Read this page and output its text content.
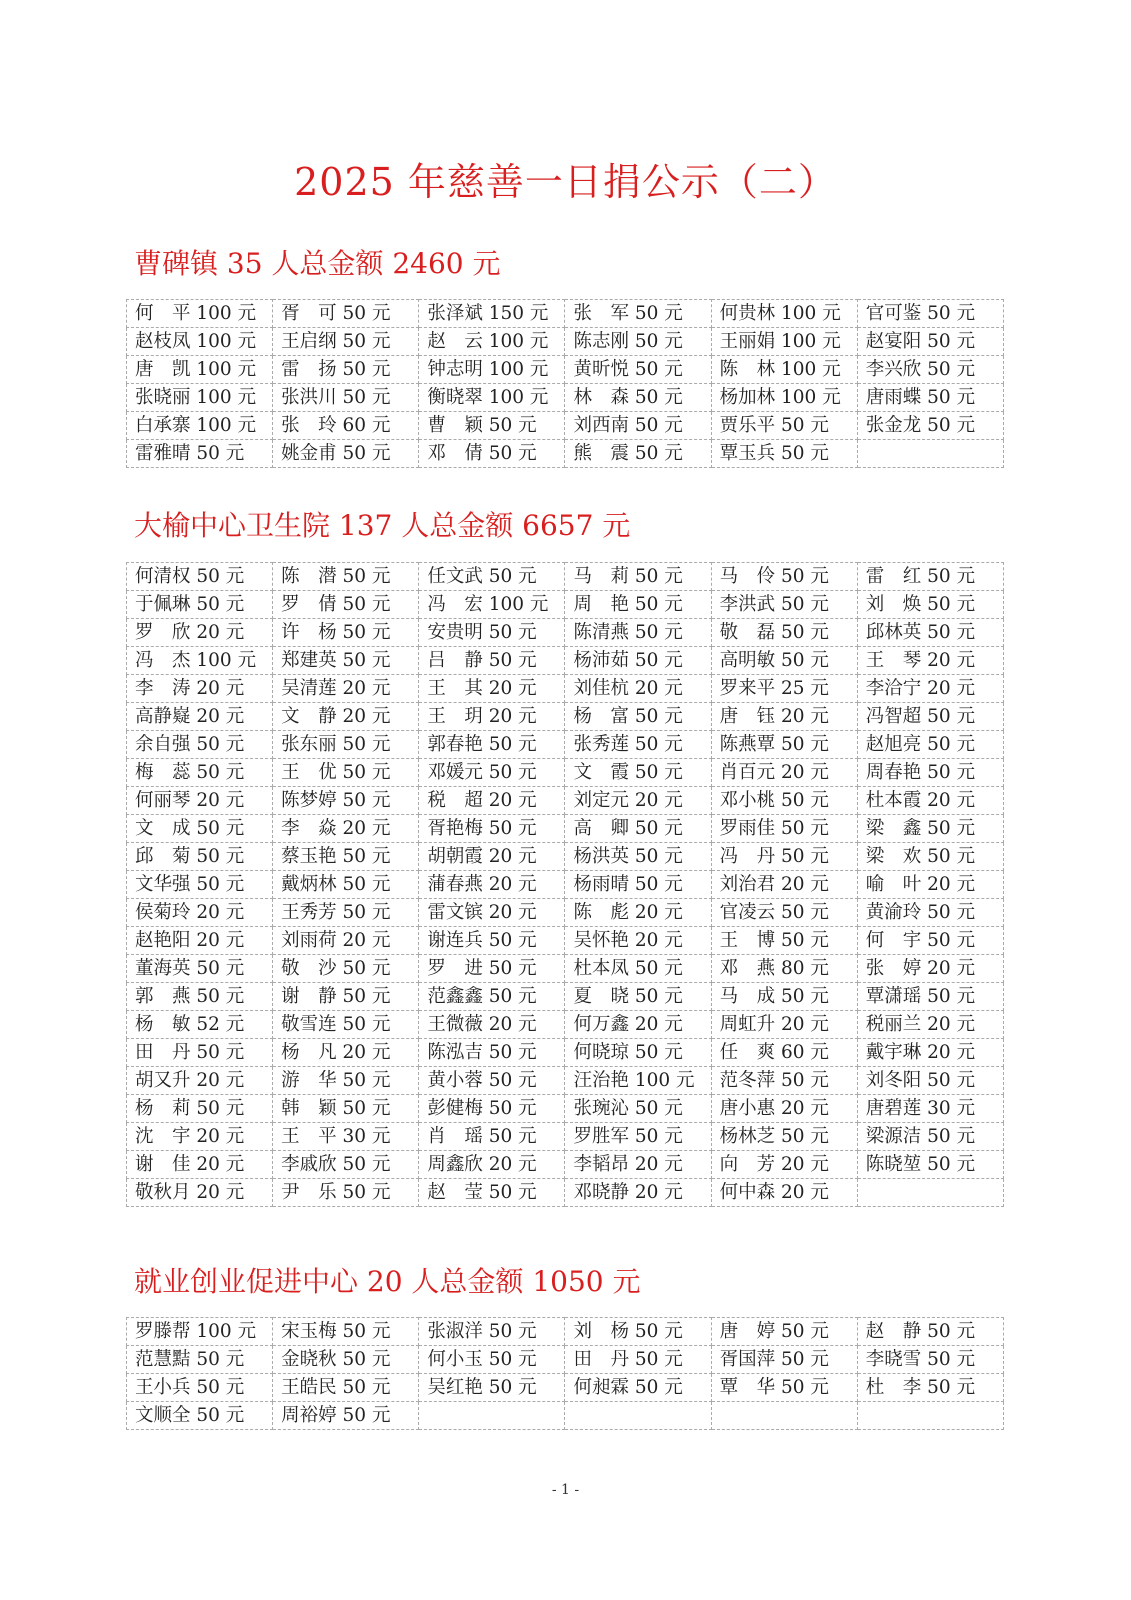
2025 年慈善一日捐公示（二）
曹碑镇 35 人总金额 2460 元
何　平 100 元	胥　可 50 元	张泽斌 150 元	张　军 50 元	何贵林 100 元	官可鉴 50 元
赵枝凤 100 元	王启纲 50 元	赵　云 100 元	陈志刚 50 元	王丽娟 100 元	赵宴阳 50 元
唐　凯 100 元	雷　扬 50 元	钟志明 100 元	黄昕悦 50 元	陈　林 100 元	李兴欣 50 元
张晓丽 100 元	张洪川 50 元	衡晓翠 100 元	林　森 50 元	杨加林 100 元	唐雨蝶 50 元
白承寨 100 元	张　玲 60 元	曹　颖 50 元	刘西南 50 元	贾乐平 50 元	张金龙 50 元
雷雅晴 50 元	姚金甫 50 元	邓　倩 50 元	熊　震 50 元	覃玉兵 50 元	
大榆中心卫生院 137 人总金额 6657 元
何清权 50 元	陈　潜 50 元	任文武 50 元	马　莉 50 元	马　伶 50 元	雷　红 50 元
于佩琳 50 元	罗　倩 50 元	冯　宏 100 元	周　艳 50 元	李洪武 50 元	刘　焕 50 元
罗　欣 20 元	许　杨 50 元	安贵明 50 元	陈清燕 50 元	敬　磊 50 元	邱林英 50 元
冯　杰 100 元	郑建英 50 元	吕　静 50 元	杨沛茹 50 元	高明敏 50 元	王　琴 20 元
李　涛 20 元	吴清莲 20 元	王　其 20 元	刘佳杭 20 元	罗来平 25 元	李洽宁 20 元
高静嶷 20 元	文　静 20 元	王　玥 20 元	杨　富 50 元	唐　钰 20 元	冯智超 50 元
余自强 50 元	张东丽 50 元	郭春艳 50 元	张秀莲 50 元	陈燕覃 50 元	赵旭亮 50 元
梅　蕊 50 元	王　优 50 元	邓媛元 50 元	文　霞 50 元	肖百元 20 元	周春艳 50 元
何丽琴 20 元	陈梦婷 50 元	税　超 20 元	刘定元 20 元	邓小桃 50 元	杜本霞 20 元
文　成 50 元	李　焱 20 元	胥艳梅 50 元	高　卿 50 元	罗雨佳 50 元	梁　鑫 50 元
邱　菊 50 元	蔡玉艳 50 元	胡朝霞 20 元	杨洪英 50 元	冯　丹 50 元	梁　欢 50 元
文华强 50 元	戴炳林 50 元	蒲春燕 20 元	杨雨晴 50 元	刘治君 20 元	喻　叶 20 元
侯菊玲 20 元	王秀芳 50 元	雷文镔 20 元	陈　彪 20 元	官凌云 50 元	黄渝玲 50 元
赵艳阳 20 元	刘雨荷 20 元	谢连兵 50 元	吴怀艳 20 元	王　博 50 元	何　宇 50 元
董海英 50 元	敬　沙 50 元	罗　进 50 元	杜本凤 50 元	邓　燕 80 元	张　婷 20 元
郭　燕 50 元	谢　静 50 元	范鑫鑫 50 元	夏　晓 50 元	马　成 50 元	覃潇瑶 50 元
杨　敏 52 元	敬雪连 50 元	王微薇 20 元	何万鑫 20 元	周虹升 20 元	税丽兰 20 元
田　丹 50 元	杨　凡 20 元	陈泓吉 50 元	何晓琼 50 元	任　爽 60 元	戴宇琳 20 元
胡又升 20 元	游　华 50 元	黄小蓉 50 元	汪治艳 100 元	范冬萍 50 元	刘冬阳 50 元
杨　莉 50 元	韩　颖 50 元	彭健梅 50 元	张琬沁 50 元	唐小惠 20 元	唐碧莲 30 元
沈　宇 20 元	王　平 30 元	肖　瑶 50 元	罗胜军 50 元	杨林芝 50 元	梁源洁 50 元
谢　佳 20 元	李戚欣 50 元	周鑫欣 20 元	李韬昂 20 元	向　芳 20 元	陈晓堃 50 元
敬秋月 20 元	尹　乐 50 元	赵　莹 50 元	邓晓静 20 元	何中森 20 元	
就业创业促进中心 20 人总金额 1050 元
罗滕帮 100 元	宋玉梅 50 元	张淑洋 50 元	刘　杨 50 元	唐　婷 50 元	赵　静 50 元
范慧黠 50 元	金晓秋 50 元	何小玉 50 元	田　丹 50 元	胥国萍 50 元	李晓雪 50 元
王小兵 50 元	王皓民 50 元	吴红艳 50 元	何昶霖 50 元	覃　华 50 元	杜　李 50 元
文顺全 50 元	周裕婷 50 元				
- 1 -
